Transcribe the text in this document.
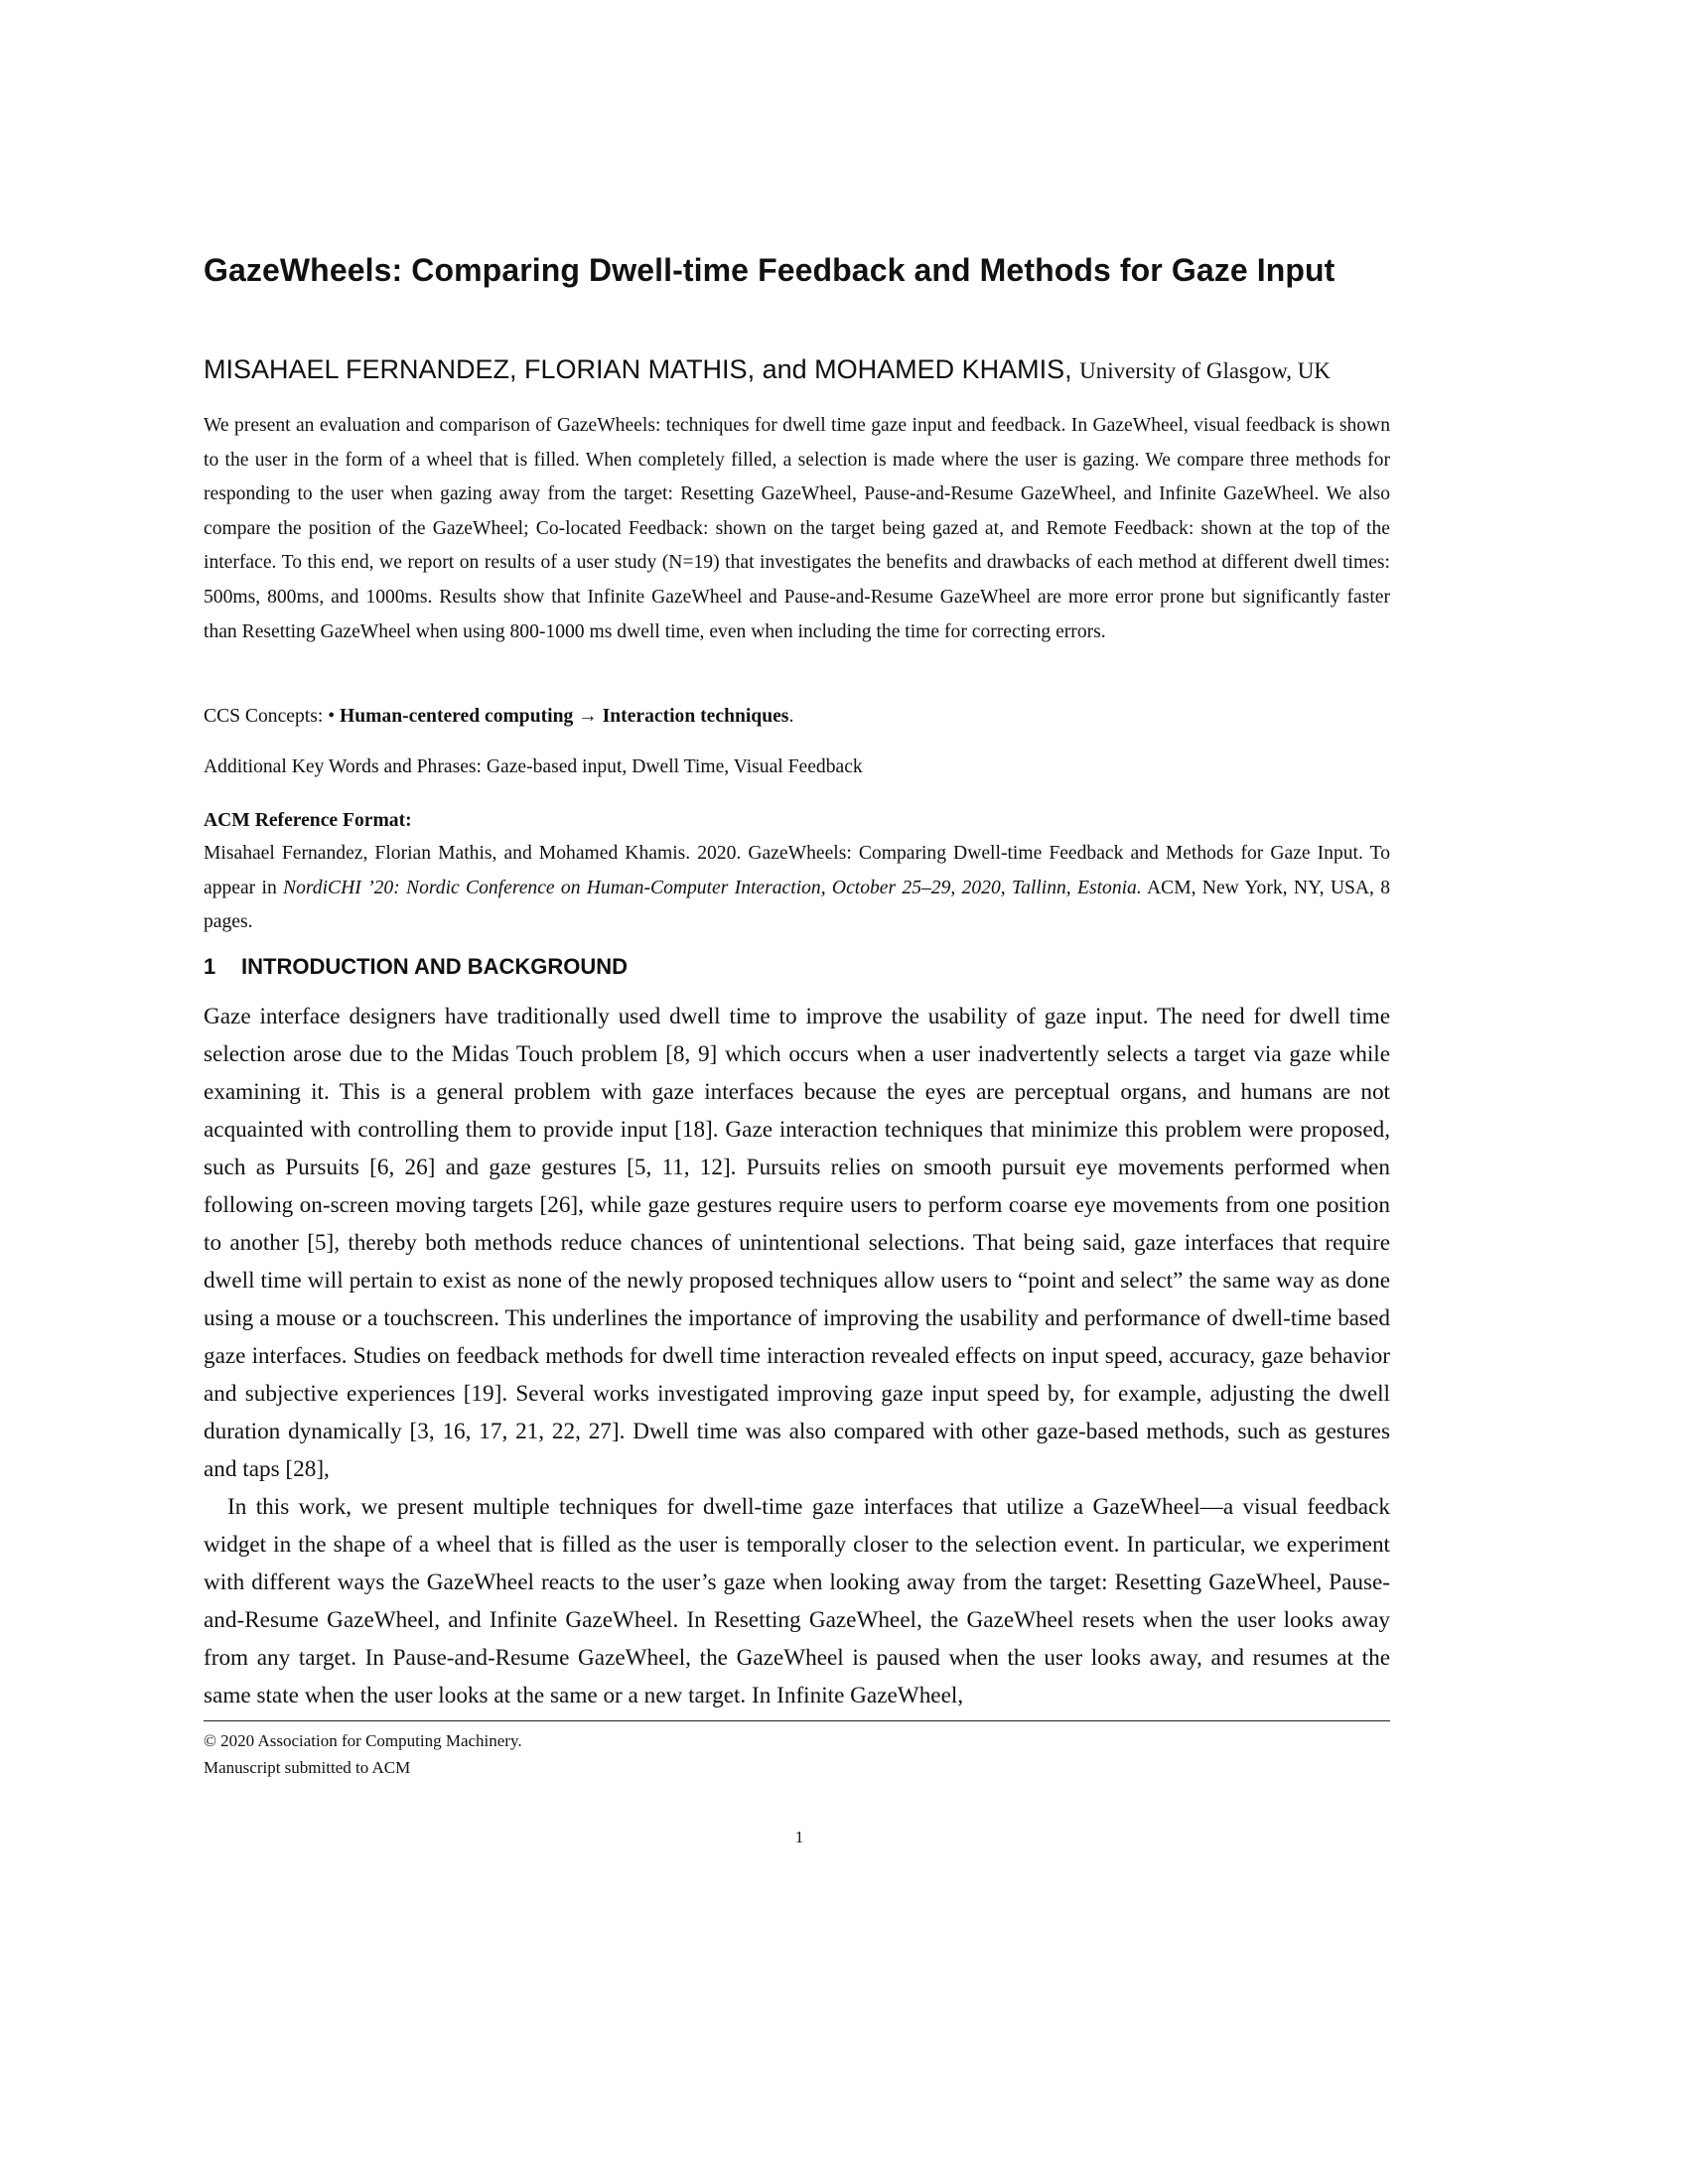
GazeWheels: Comparing Dwell-time Feedback and Methods for Gaze Input

MISAHAEL FERNANDEZ, FLORIAN MATHIS, and MOHAMED KHAMIS, University of Glasgow, UK

We present an evaluation and comparison of GazeWheels: techniques for dwell time gaze input and feedback. In GazeWheel, visual feedback is shown to the user in the form of a wheel that is filled. When completely filled, a selection is made where the user is gazing. We compare three methods for responding to the user when gazing away from the target: Resetting GazeWheel, Pause-and-Resume GazeWheel, and Infinite GazeWheel. We also compare the position of the GazeWheel; Co-located Feedback: shown on the target being gazed at, and Remote Feedback: shown at the top of the interface. To this end, we report on results of a user study (N=19) that investigates the benefits and drawbacks of each method at different dwell times: 500ms, 800ms, and 1000ms. Results show that Infinite GazeWheel and Pause-and-Resume GazeWheel are more error prone but significantly faster than Resetting GazeWheel when using 800-1000 ms dwell time, even when including the time for correcting errors.

CCS Concepts: • Human-centered computing → Interaction techniques.

Additional Key Words and Phrases: Gaze-based input, Dwell Time, Visual Feedback

ACM Reference Format:

Misahael Fernandez, Florian Mathis, and Mohamed Khamis. 2020. GazeWheels: Comparing Dwell-time Feedback and Methods for Gaze Input. To appear in NordiCHI ’20: Nordic Conference on Human-Computer Interaction, October 25–29, 2020, Tallinn, Estonia. ACM, New York, NY, USA, 8 pages.

1 INTRODUCTION AND BACKGROUND

Gaze interface designers have traditionally used dwell time to improve the usability of gaze input. The need for dwell time selection arose due to the Midas Touch problem [8, 9] which occurs when a user inadvertently selects a target via gaze while examining it. This is a general problem with gaze interfaces because the eyes are perceptual organs, and humans are not acquainted with controlling them to provide input [18]. Gaze interaction techniques that minimize this problem were proposed, such as Pursuits [6, 26] and gaze gestures [5, 11, 12]. Pursuits relies on smooth pursuit eye movements performed when following on-screen moving targets [26], while gaze gestures require users to perform coarse eye movements from one position to another [5], thereby both methods reduce chances of unintentional selections. That being said, gaze interfaces that require dwell time will pertain to exist as none of the newly proposed techniques allow users to “point and select” the same way as done using a mouse or a touchscreen. This underlines the importance of improving the usability and performance of dwell-time based gaze interfaces. Studies on feedback methods for dwell time interaction revealed effects on input speed, accuracy, gaze behavior and subjective experiences [19]. Several works investigated improving gaze input speed by, for example, adjusting the dwell duration dynamically [3, 16, 17, 21, 22, 27]. Dwell time was also compared with other gaze-based methods, such as gestures and taps [28],

In this work, we present multiple techniques for dwell-time gaze interfaces that utilize a GazeWheel—a visual feedback widget in the shape of a wheel that is filled as the user is temporally closer to the selection event. In particular, we experiment with different ways the GazeWheel reacts to the user’s gaze when looking away from the target: Resetting GazeWheel, Pause-and-Resume GazeWheel, and Infinite GazeWheel. In Resetting GazeWheel, the GazeWheel resets when the user looks away from any target. In Pause-and-Resume GazeWheel, the GazeWheel is paused when the user looks away, and resumes at the same state when the user looks at the same or a new target. In Infinite GazeWheel,

© 2020 Association for Computing Machinery.

Manuscript submitted to ACM

1
